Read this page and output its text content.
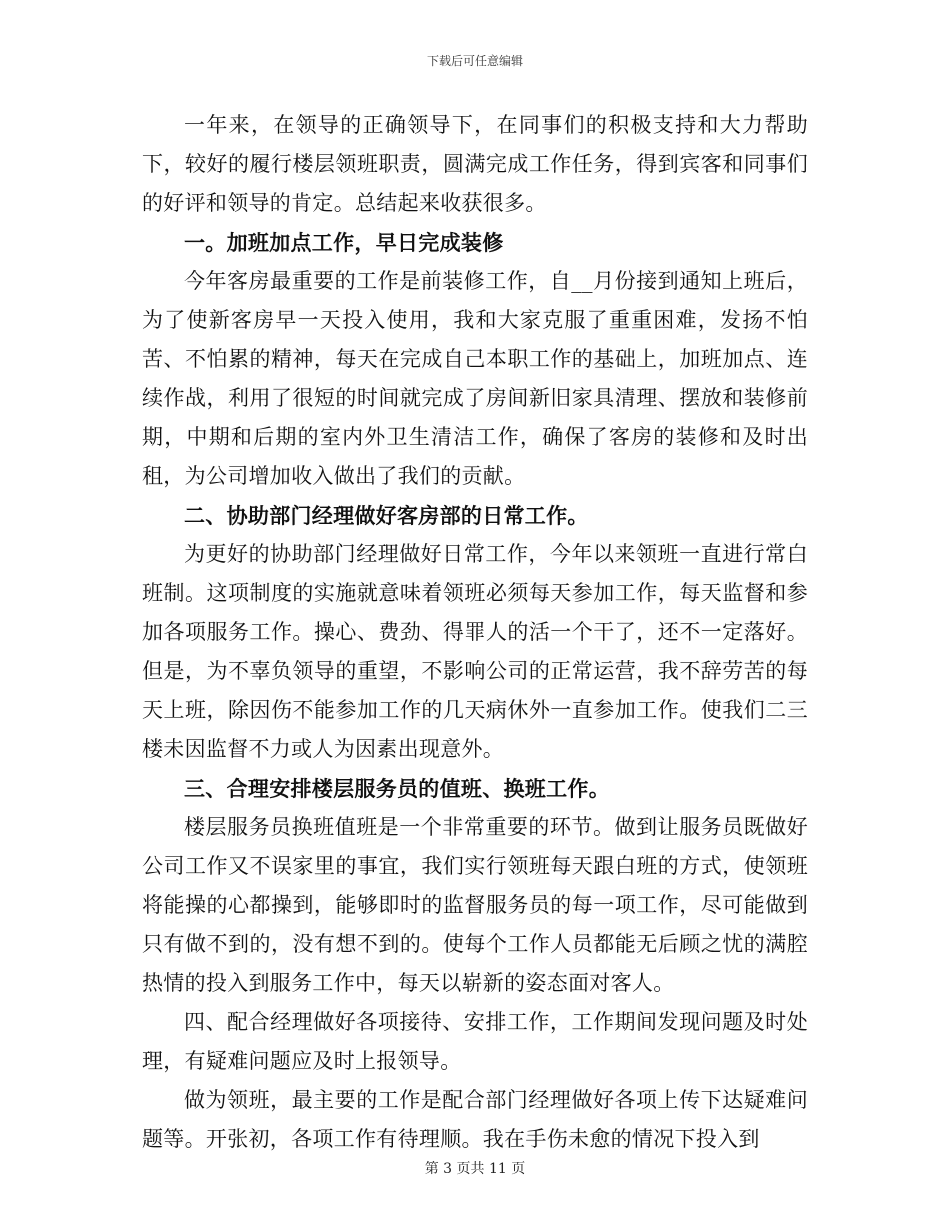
下载后可任意编辑

一年来，在领导的正确领导下，在同事们的积极支持和大力帮助下，较好的履行楼层领班职责，圆满完成工作任务，得到宾客和同事们的好评和领导的肯定。总结起来收获很多。

一。加班加点工作，早日完成装修

今年客房最重要的工作是前装修工作，自__月份接到通知上班后，为了使新客房早一天投入使用，我和大家克服了重重困难，发扬不怕苦、不怕累的精神，每天在完成自己本职工作的基础上，加班加点、连续作战，利用了很短的时间就完成了房间新旧家具清理、摆放和装修前期，中期和后期的室内外卫生清洁工作，确保了客房的装修和及时出租，为公司增加收入做出了我们的贡献。

二、协助部门经理做好客房部的日常工作。

为更好的协助部门经理做好日常工作，今年以来领班一直进行常白班制。这项制度的实施就意味着领班必须每天参加工作，每天监督和参加各项服务工作。操心、费劲、得罪人的活一个干了，还不一定落好。但是，为不辜负领导的重望，不影响公司的正常运营，我不辞劳苦的每天上班，除因伤不能参加工作的几天病休外一直参加工作。使我们二三楼未因监督不力或人为因素出现意外。

三、合理安排楼层服务员的值班、换班工作。

楼层服务员换班值班是一个非常重要的环节。做到让服务员既做好公司工作又不误家里的事宜，我们实行领班每天跟白班的方式，使领班将能操的心都操到，能够即时的监督服务员的每一项工作，尽可能做到只有做不到的，没有想不到的。使每个工作人员都能无后顾之忧的满腔热情的投入到服务工作中，每天以崭新的姿态面对客人。

四、配合经理做好各项接待、安排工作，工作期间发现问题及时处理，有疑难问题应及时上报领导。

做为领班，最主要的工作是配合部门经理做好各项上传下达疑难问题等。开张初，各项工作有待理顺。我在手伤未愈的情况下投入到

第 3 页共 11 页
